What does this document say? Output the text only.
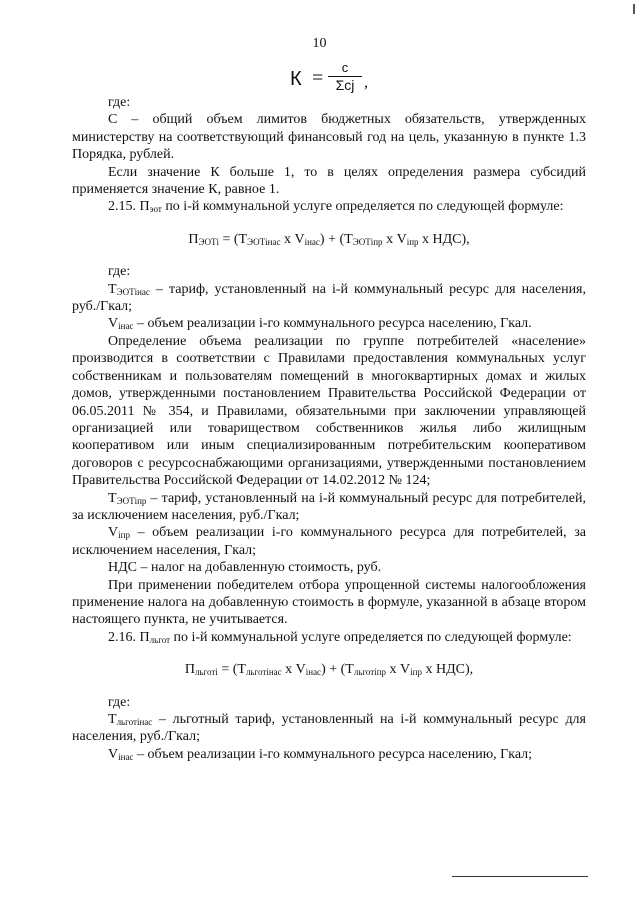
10
К =	с
Σcj ,

где:

С – общий объем лимитов бюджетных обязательств, утвержденных министерству на соответствующий финансовый год на цель, указанную в пункте 1.3 Порядка, рублей.

Если значение К больше 1, то в целях определения размера субсидий применяется значение К, равное 1.

2.15. $П_{эот}$ по i-й коммунальной услуге определяется по следующей формуле:

$П_{ЭОТi} = (Т_{ЭОТiнас}$ х $V_{iнас}) + (Т_{ЭОТiпр}$ х $V_{iпр}$ х НДС),

где:

$Т_{ЭОТiнас}$ – тариф, установленный на i-й коммунальный ресурс для населения, руб./Гкал;

$V_{iнас}$ – объем реализации i-го коммунального ресурса населению, Гкал.

Определение объема реализации по группе потребителей «население» производится в соответствии с Правилами предоставления коммунальных услуг собственникам и пользователям помещений в многоквартирных домах и жилых домов, утвержденными постановлением Правительства Российской Федерации от 06.05.2011 № 354, и Правилами, обязательными при заключении управляющей организацией или товариществом собственников жилья либо жилищным кооперативом или иным специализированным потребительским кооперативом договоров с ресурсоснабжающими организациями, утвержденными постановлением Правительства Российской Федерации от 14.02.2012 № 124;

$Т_{ЭОТiпр}$ – тариф, установленный на i-й коммунальный ресурс для потребителей, за исключением населения, руб./Гкал;

$V_{iпр}$ – объем реализации i-го коммунального ресурса для потребителей, за исключением населения, Гкал;

НДС – налог на добавленную стоимость, руб.

При применении победителем отбора упрощенной системы налогообложения применение налога на добавленную стоимость в формуле, указанной в абзаце втором настоящего пункта, не учитывается.

2.16. $П_{льгот}$ по i-й коммунальной услуге определяется по следующей формуле:

$П_{льготi} = (Т_{льготiнас}$ х $V_{iнас}) + (Т_{льготiпр}$ х $V_{iпр}$ х НДС),

где:

$Т_{льготiнас}$ – льготный тариф, установленный на i-й коммунальный ресурс для населения, руб./Гкал;

$V_{iнас}$ – объем реализации i-го коммунального ресурса населению, Гкал;
